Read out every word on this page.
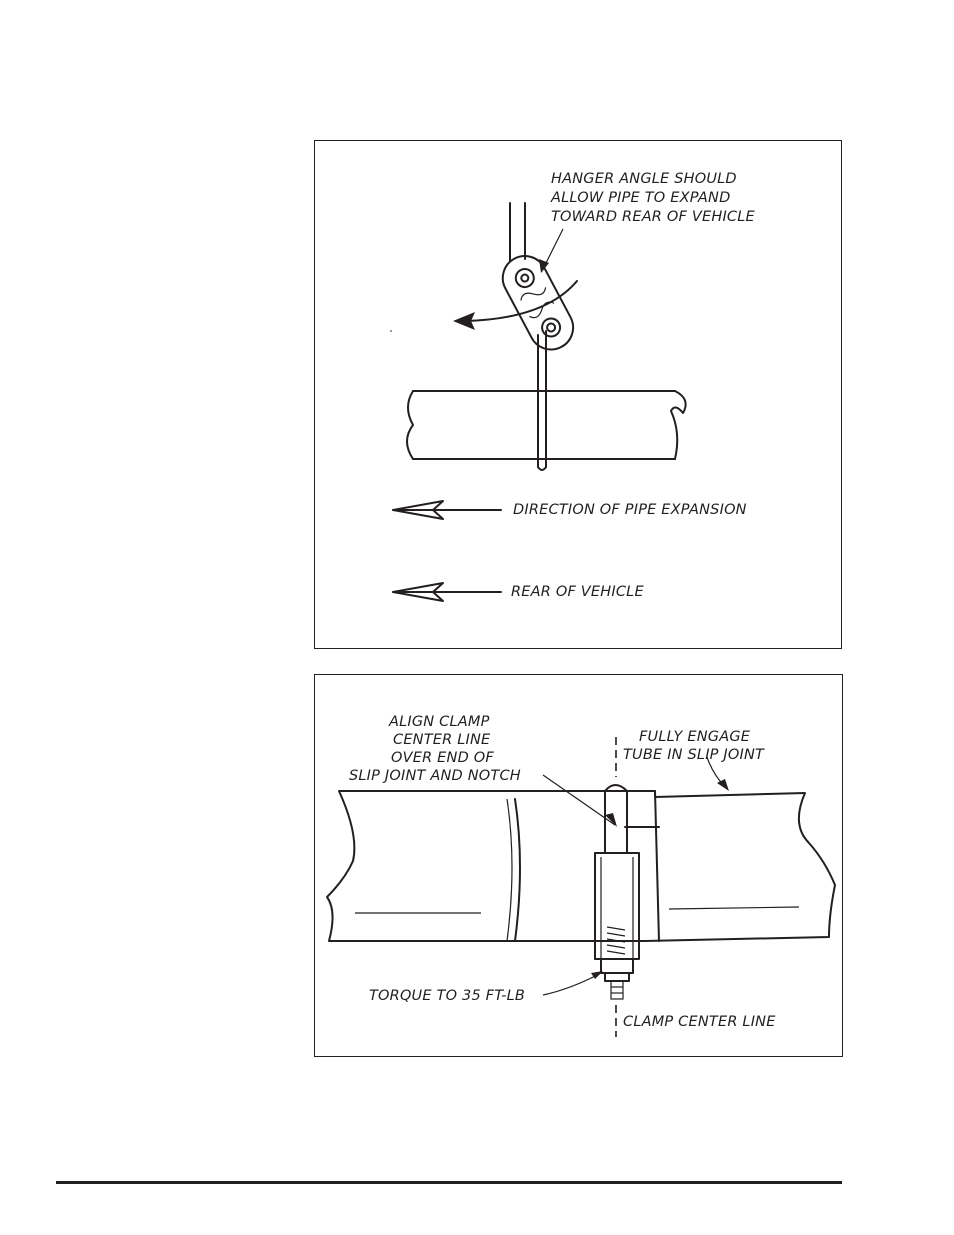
HANGER ANGLE SHOULD
ALLOW PIPE TO EXPAND
TOWARD REAR OF VEHICLE
DIRECTION OF PIPE EXPANSION
REAR OF VEHICLE
ALIGN CLAMP
CENTER LINE
OVER END OF
SLIP JOINT AND NOTCH
FULLY ENGAGE
TUBE IN SLIP JOINT
TORQUE TO 35 FT-LB
CLAMP CENTER LINE
